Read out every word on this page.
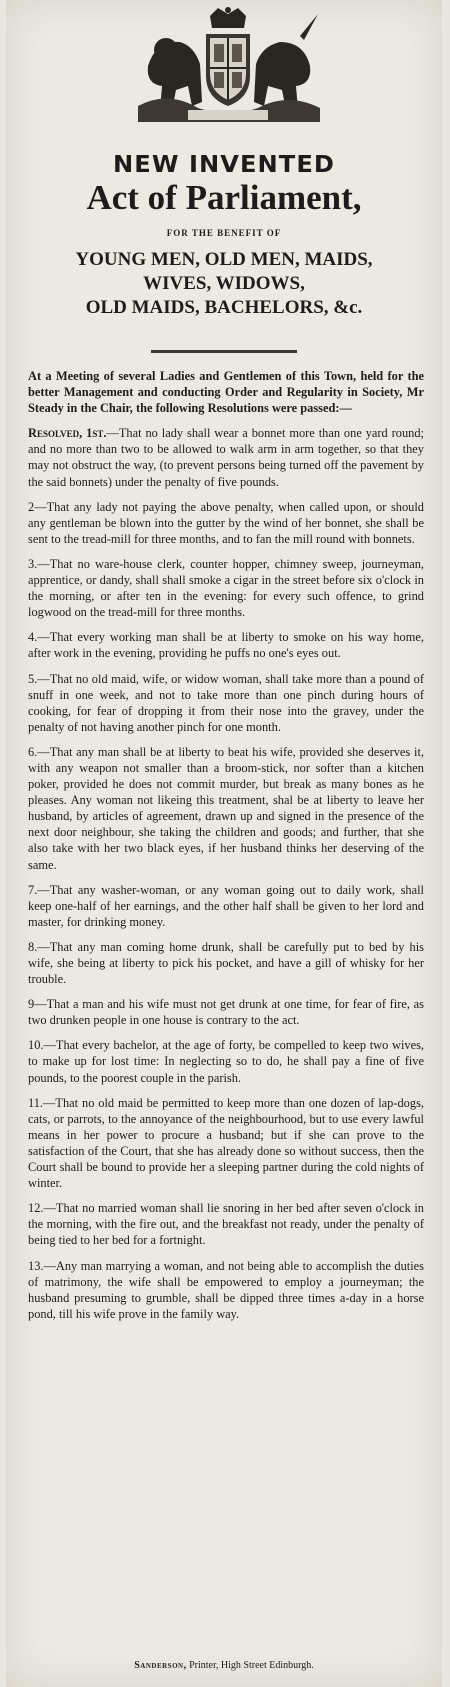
NEW INVENTED
Act of Parliament,
FOR THE BENEFIT OF
YOUNG MEN, OLD MEN, MAIDS,
WIVES, WIDOWS,
OLD MAIDS, BACHELORS, &c.

At a Meeting of several Ladies and Gentlemen of this Town, held for the better Management and conducting Order and Regularity in Society, Mr Steady in the Chair, the following Resolutions were passed:—

Resolved, 1st.—That no lady shall wear a bonnet more than one yard round; and no more than two to be allowed to walk arm in arm together, so that they may not obstruct the way, (to prevent persons being turned off the pavement by the said bonnets) under the penalty of five pounds.

2—That any lady not paying the above penalty, when called upon, or should any gentleman be blown into the gutter by the wind of her bonnet, she shall be sent to the tread-mill for three months, and to fan the mill round with bonnets.

3.—That no ware-house clerk, counter hopper, chimney sweep, journeyman, apprentice, or dandy, shall shall smoke a cigar in the street before six o'clock in the morning, or after ten in the evening: for every such offence, to grind logwood on the tread-mill for three months.

4.—That every working man shall be at liberty to smoke on his way home, after work in the evening, providing he puffs no one's eyes out.

5.—That no old maid, wife, or widow woman, shall take more than a pound of snuff in one week, and not to take more than one pinch during hours of cooking, for fear of dropping it from their nose into the gravey, under the penalty of not having another pinch for one month.

6.—That any man shall be at liberty to beat his wife, provided she deserves it, with any weapon not smaller than a broom-stick, nor softer than a kitchen poker, provided he does not commit murder, but break as many bones as he pleases. Any woman not likeing this treatment, shal be at liberty to leave her husband, by articles of agreement, drawn up and signed in the presence of the next door neighbour, she taking the children and goods; and further, that she also take with her two black eyes, if her husband thinks her deserving of the same.

7.—That any washer-woman, or any woman going out to daily work, shall keep one-half of her earnings, and the other half shall be given to her lord and master, for drinking money.

8.—That any man coming home drunk, shall be carefully put to bed by his wife, she being at liberty to pick his pocket, and have a gill of whisky for her trouble.

9—That a man and his wife must not get drunk at one time, for fear of fire, as two drunken people in one house is contrary to the act.

10.—That every bachelor, at the age of forty, be compelled to keep two wives, to make up for lost time: In neglecting so to do, he shall pay a fine of five pounds, to the poorest couple in the parish.

11.—That no old maid be permitted to keep more than one dozen of lap-dogs, cats, or parrots, to the annoyance of the neighbourhood, but to use every lawful means in her power to procure a husband; but if she can prove to the satisfaction of the Court, that she has already done so without success, then the Court shall be bound to provide her a sleeping partner during the cold nights of winter.

12.—That no married woman shall lie snoring in her bed after seven o'clock in the morning, with the fire out, and the breakfast not ready, under the penalty of being tied to her bed for a fortnight.

13.—Any man marrying a woman, and not being able to accomplish the duties of matrimony, the wife shall be empowered to employ a journeyman; the husband presuming to grumble, shall be dipped three times a-day in a horse pond, till his wife prove in the family way.

Sanderson, Printer, High Street Edinburgh.
